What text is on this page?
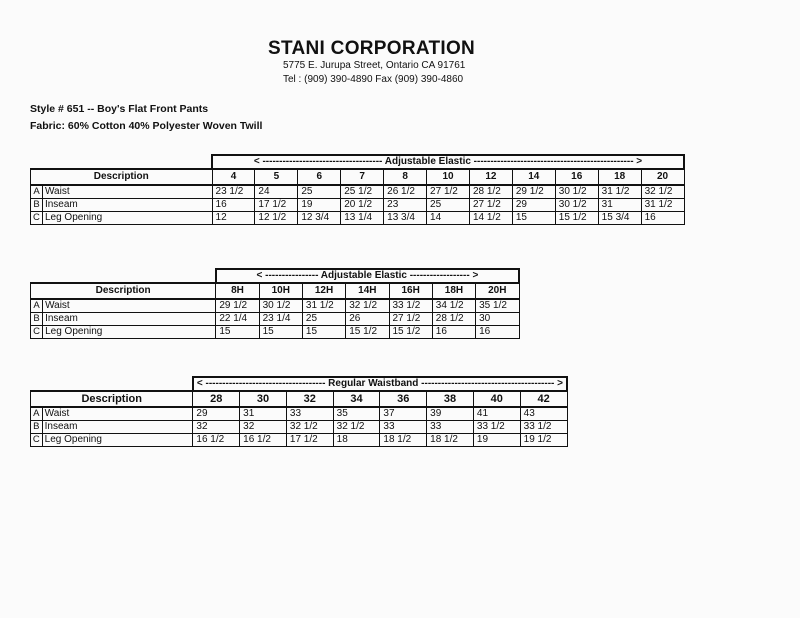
STANI CORPORATION
5775 E. Jurupa Street, Ontario CA 91761
Tel : (909) 390-4890 Fax (909) 390-4860
Style # 651 -- Boy's Flat Front Pants
Fabric: 60% Cotton 40% Polyester Woven Twill
		< ------------------------------------ Adjustable Elastic ------------------------------------------------ >										
Description		4	5	6	7	8	10	12	14	16	18	20
A	Waist	23 1/2	24	25	25 1/2	26 1/2	27 1/2	28 1/2	29 1/2	30 1/2	31 1/2	32 1/2
B	Inseam	16	17 1/2	19	20 1/2	23	25	27 1/2	29	30 1/2	31	31 1/2
C	Leg Opening	12	12 1/2	12 3/4	13 1/4	13 3/4	14	14 1/2	15	15 1/2	15 3/4	16
		< ---------------- Adjustable Elastic ------------------ >						
Description		8H	10H	12H	14H	16H	18H	20H
A	Waist	29 1/2	30 1/2	31 1/2	32 1/2	33 1/2	34 1/2	35 1/2
B	Inseam	22 1/4	23 1/4	25	26	27 1/2	28 1/2	30
C	Leg Opening	15	15	15	15 1/2	15 1/2	16	16
		< ------------------------------------ Regular Waistband ---------------------------------------- >							
Description		28	30	32	34	36	38	40	42
A	Waist	29	31	33	35	37	39	41	43
B	Inseam	32	32	32 1/2	32 1/2	33	33	33 1/2	33 1/2
C	Leg Opening	16 1/2	16 1/2	17 1/2	18	18 1/2	18 1/2	19	19 1/2
